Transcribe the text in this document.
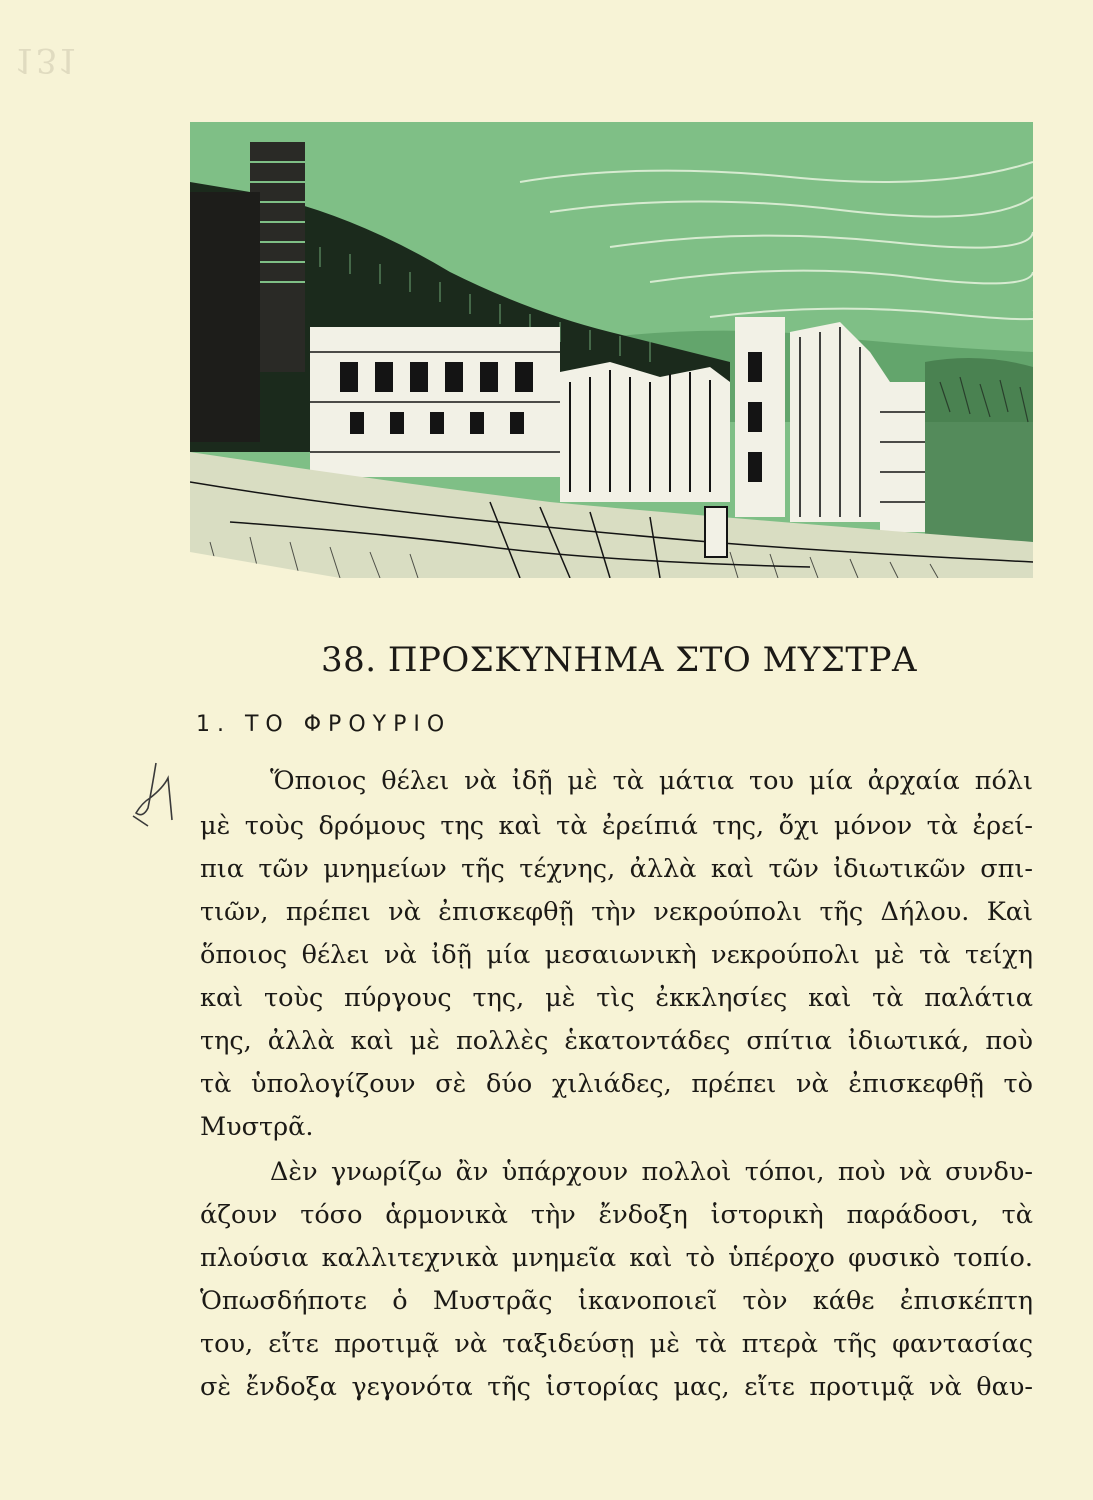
131
38. ΠΡΟΣΚΥΝΗΜΑ ΣΤΟ ΜΥΣΤΡΑ
1. ΤΟ ΦΡΟΥΡΙΟ
Ὅποιος θέλει νὰ ἰδῇ μὲ τὰ μάτια του μία ἀρχαία πόλι
μὲ τοὺς δρόμους της καὶ τὰ ἐρείπιά της, ὄχι μόνον τὰ ἐρεί-
πια τῶν μνημείων τῆς τέχνης, ἀλλὰ καὶ τῶν ἰδιωτικῶν σπι-
τιῶν, πρέπει νὰ ἐπισκεφθῇ τὴν νεκρούπολι τῆς Δήλου. Καὶ
ὅποιος θέλει νὰ ἰδῇ μία μεσαιωνικὴ νεκρούπολι μὲ τὰ τείχη
καὶ τοὺς πύργους της, μὲ τὶς ἐκκλησίες καὶ τὰ παλάτια
της, ἀλλὰ καὶ μὲ πολλὲς ἑκατοντάδες σπίτια ἰδιωτικά, ποὺ
τὰ ὑπολογίζουν σὲ δύο χιλιάδες, πρέπει νὰ ἐπισκεφθῇ τὸ
Μυστρᾶ.
Δὲν γνωρίζω ἂν ὑπάρχουν πολλοὶ τόποι, ποὺ νὰ συνδυ-
άζουν τόσο ἁρμονικὰ τὴν ἔνδοξη ἱστορικὴ παράδοσι, τὰ
πλούσια καλλιτεχνικὰ μνημεῖα καὶ τὸ ὑπέροχο φυσικὸ τοπίο.
Ὁπωσδήποτε ὁ Μυστρᾶς ἱκανοποιεῖ τὸν κάθε ἐπισκέπτη
του, εἴτε προτιμᾷ νὰ ταξιδεύσῃ μὲ τὰ πτερὰ τῆς φαντασίας
σὲ ἔνδοξα γεγονότα τῆς ἱστορίας μας, εἴτε προτιμᾷ νὰ θαυ-
